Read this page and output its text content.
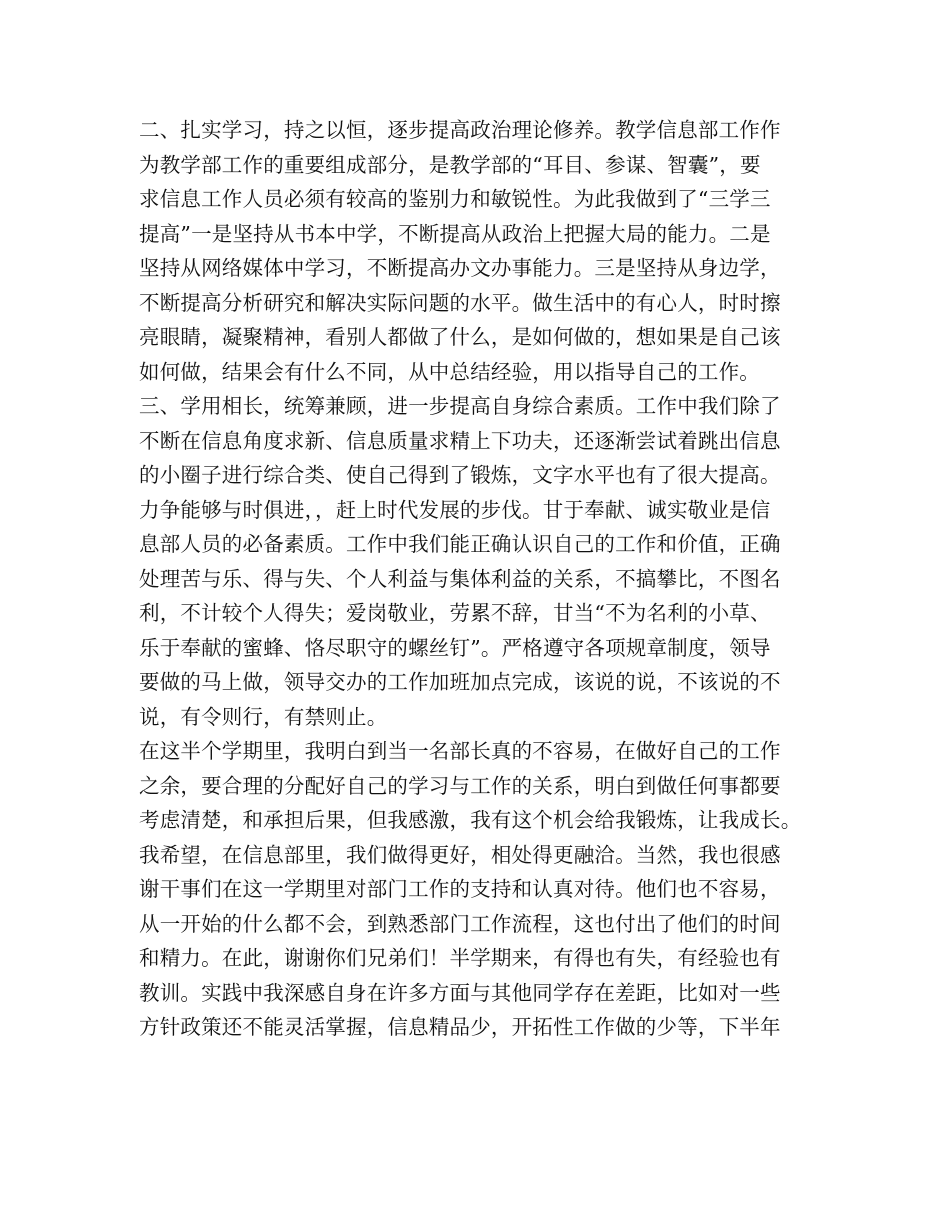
二、扎实学习，持之以恒，逐步提高政治理论修养。教学信息部工作作
为教学部工作的重要组成部分，是教学部的“耳目、参谋、智囊”，要
求信息工作人员必须有较高的鉴别力和敏锐性。为此我做到了“三学三
提高”一是坚持从书本中学，不断提高从政治上把握大局的能力。二是
坚持从网络媒体中学习，不断提高办文办事能力。三是坚持从身边学，
不断提高分析研究和解决实际问题的水平。做生活中的有心人，时时擦
亮眼睛，凝聚精神，看别人都做了什么，是如何做的，想如果是自己该
如何做，结果会有什么不同，从中总结经验，用以指导自己的工作。
三、学用相长，统筹兼顾，进一步提高自身综合素质。工作中我们除了
不断在信息角度求新、信息质量求精上下功夫，还逐渐尝试着跳出信息
的小圈子进行综合类、使自己得到了锻炼，文字水平也有了很大提高。
力争能够与时俱进，，赶上时代发展的步伐。甘于奉献、诚实敬业是信
息部人员的必备素质。工作中我们能正确认识自己的工作和价值，正确
处理苦与乐、得与失、个人利益与集体利益的关系，不搞攀比，不图名
利，不计较个人得失；爱岗敬业，劳累不辞，甘当“不为名利的小草、
乐于奉献的蜜蜂、恪尽职守的螺丝钉”。严格遵守各项规章制度，领导
要做的马上做，领导交办的工作加班加点完成，该说的说，不该说的不
说，有令则行，有禁则止。
在这半个学期里，我明白到当一名部长真的不容易，在做好自己的工作
之余，要合理的分配好自己的学习与工作的关系，明白到做任何事都要
考虑清楚，和承担后果，但我感激，我有这个机会给我锻炼，让我成长。
我希望，在信息部里，我们做得更好，相处得更融洽。当然，我也很感
谢干事们在这一学期里对部门工作的支持和认真对待。他们也不容易，
从一开始的什么都不会，到熟悉部门工作流程，这也付出了他们的时间
和精力。在此，谢谢你们兄弟们！半学期来，有得也有失，有经验也有
教训。实践中我深感自身在许多方面与其他同学存在差距，比如对一些
方针政策还不能灵活掌握，信息精品少，开拓性工作做的少等，下半年
